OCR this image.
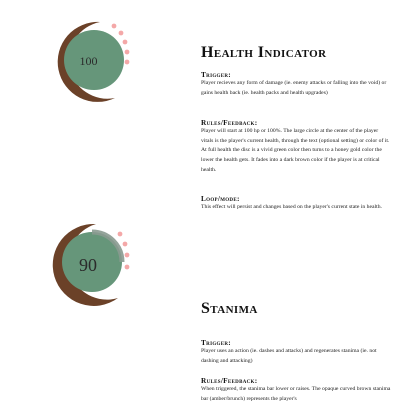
100	Health Indicator
Trigger:

Player recieves any form of damage (ie. enemy attacks or falling into the void) or gains health back (ie. health packs and health upgrades)

Rules/Feedback:

Player will start at 100 hp or 100%. The large circle at the center of the player vitals is the player's current health, through the text (optional setting) or color of it. At full health the disc is a vivid green color then turns to a honey gold color the lower the health gets. It fades into a dark brown color if the player is at critical health.

Loop/mode:

This effect will persist and changes based on the player's current state in health.

90
Stanima
Trigger:

Player uses an action (ie. dashes and attacks) and regenerates stanima (ie. not dashing and attacking)

Rules/Feedback:

When triggered, the stanima bar lower or raises. The opaque curved brown stanima bar (amber/brunch) represents the player's
